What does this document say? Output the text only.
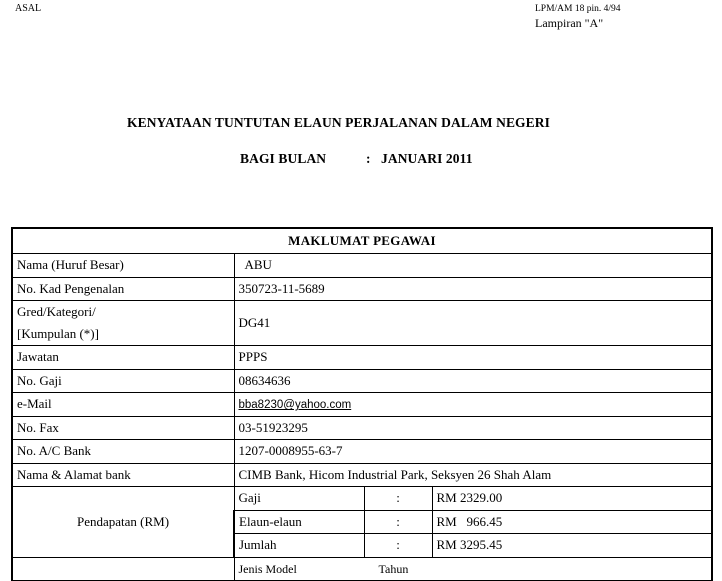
ASAL	LPM/AM 18 pin. 4/94
Lampiran "A"
KENYATAAN TUNTUTAN ELAUN PERJALANAN DALAM NEGERI
BAGI BULAN	: JANUARI 2011
MAKLUMAT PEGAWAI			
Nama (Huruf Besar)	ABU		
No. Kad Pengenalan	350723-11-5689		

Gred/Kategori/
[Kumpulan (*)]	DG41		
Jawatan	PPPS		
No. Gaji	08634636		
e-Mail	bba8230@yahoo.com		
No. Fax	03-51923295		
No. A/C Bank	1207-0008955-63-7		
Nama & Alamat bank	CIMB Bank, Hicom Industrial Park, Seksyen 26 Shah Alam		
Pendapatan (RM)	Gaji	:	RM 2329.00
	Elaun-elaun	:	RM   966.45
	Jumlah	:	RM 3295.45
	Jenis Model Tahun		
